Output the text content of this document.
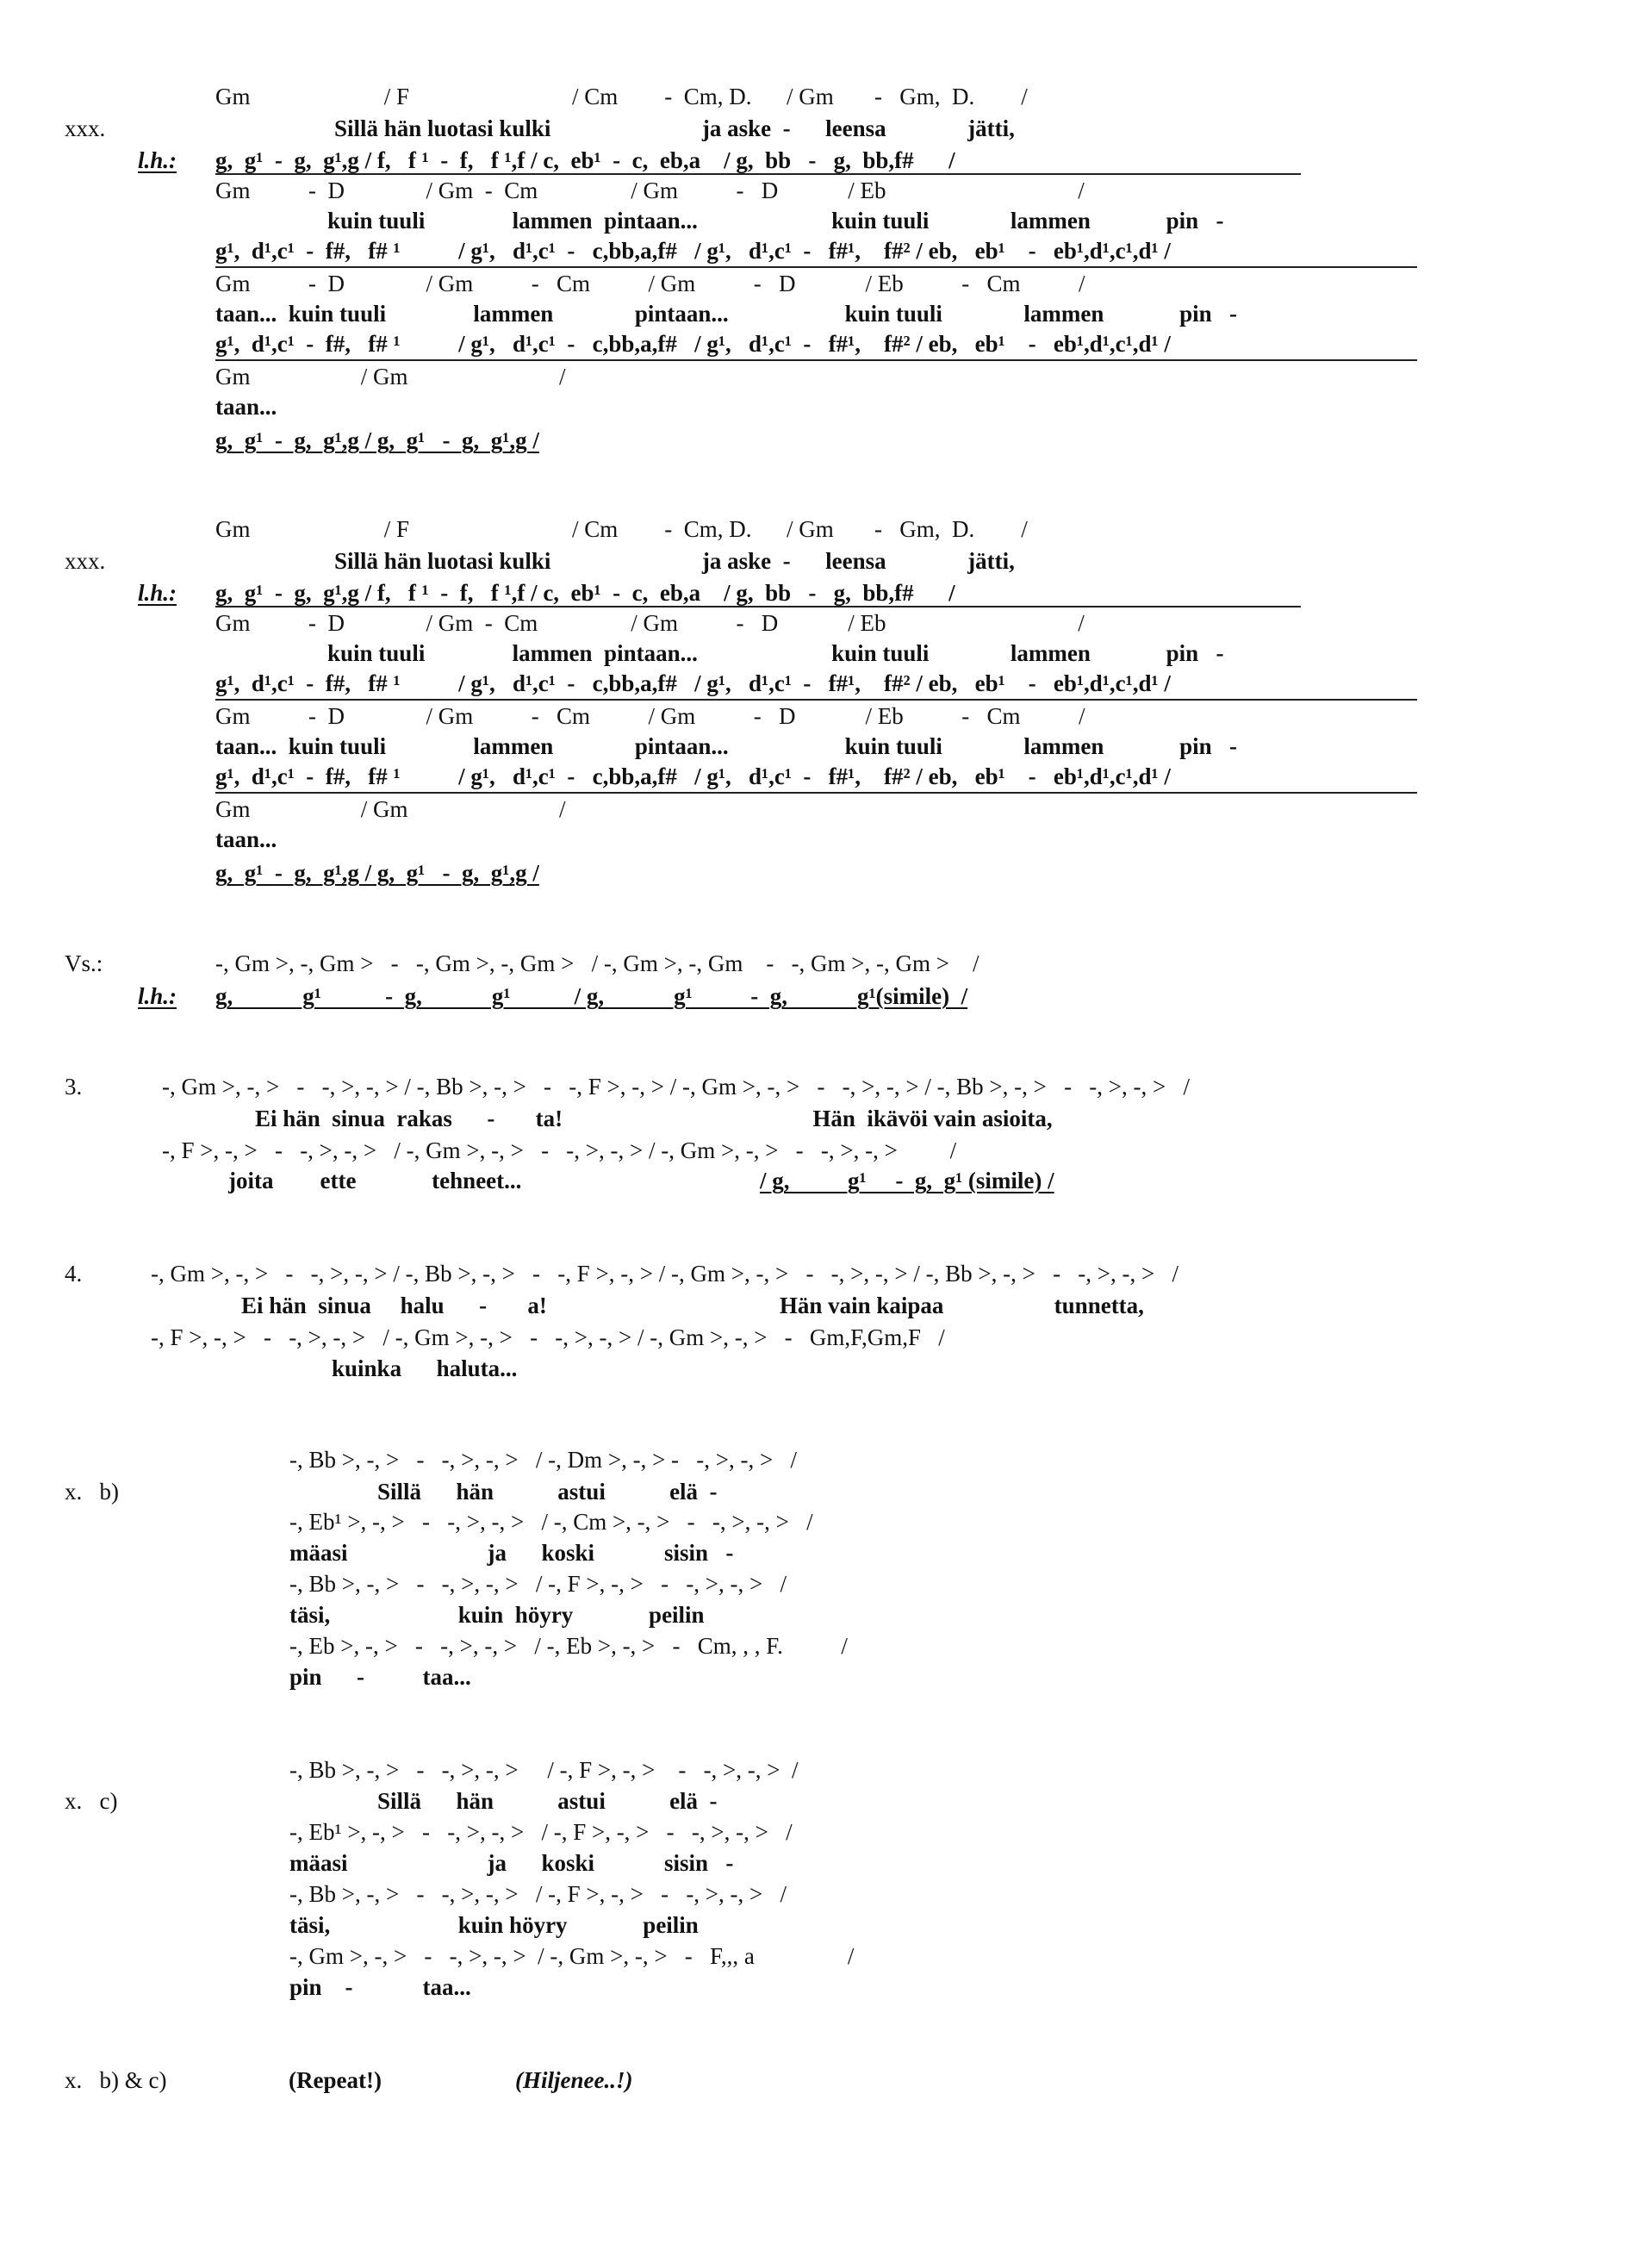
Gm                       / F                            / Cm        -  Cm, D.      / Gm       -   Gm,  D.        /
xxx.	Sillä hän luotasi kulki                          ja aske  -      leensa              jätti,
l.h.: g,  g¹  -  g,  g¹,g / f,   f ¹  -  f,   f ¹,f / c,  eb¹  -  c,  eb,a    / g,  bb   -   g,  bb,f#      /
Gm          -  D              / Gm  -  Cm                / Gm          -   D            / Eb                                 /
kuin tuuli               lammen  pintaan...                       kuin tuuli              lammen             pin   -
g¹,  d¹,c¹  -  f#,   f# ¹          / g¹,   d¹,c¹  -   c,bb,a,f#   / g¹,   d¹,c¹  -   f#¹,    f#² / eb,   eb¹    -   eb¹,d¹,c¹,d¹ /
Gm          -  D              / Gm          -   Cm          / Gm          -   D            / Eb          -   Cm          /
taan...  kuin tuuli               lammen              pintaan...                    kuin tuuli              lammen             pin   -
g¹,  d¹,c¹  -  f#,   f# ¹          / g¹,   d¹,c¹  -   c,bb,a,f#   / g¹,   d¹,c¹  -   f#¹,    f#² / eb,   eb¹    -   eb¹,d¹,c¹,d¹ /
Gm                   / Gm                          /
taan...
g,  g¹  -  g,  g¹,g / g,  g¹   -  g,  g¹,g /
Gm                       / F                            / Cm        -  Cm, D.      / Gm       -   Gm,  D.        /
xxx.	Sillä hän luotasi kulki                          ja aske  -      leensa              jätti,
l.h.: g,  g¹  -  g,  g¹,g / f,   f ¹  -  f,   f ¹,f / c,  eb¹  -  c,  eb,a    / g,  bb   -   g,  bb,f#      /
Gm          -  D              / Gm  -  Cm                / Gm          -   D            / Eb                                 /
kuin tuuli               lammen  pintaan...                       kuin tuuli              lammen             pin   -
g¹,  d¹,c¹  -  f#,   f# ¹          / g¹,   d¹,c¹  -   c,bb,a,f#   / g¹,   d¹,c¹  -   f#¹,    f#² / eb,   eb¹    -   eb¹,d¹,c¹,d¹ /
Gm          -  D              / Gm          -   Cm          / Gm          -   D            / Eb          -   Cm          /
taan...  kuin tuuli               lammen              pintaan...                    kuin tuuli              lammen             pin   -
g¹,  d¹,c¹  -  f#,   f# ¹          / g¹,   d¹,c¹  -   c,bb,a,f#   / g¹,   d¹,c¹  -   f#¹,    f#² / eb,   eb¹    -   eb¹,d¹,c¹,d¹ /
Gm                   / Gm                          /
taan...
g,  g¹  -  g,  g¹,g / g,  g¹   -  g,  g¹,g /
Vs.:	-, Gm >, -, Gm >   -   -, Gm >, -, Gm >   / -, Gm >, -, Gm    -   -, Gm >, -, Gm >    /
l.h.: g,            g¹           -  g,            g¹           / g,            g¹          -  g,            g¹(simile)  /
3.	-, Gm >, -, >   -   -, >, -, > / -, Bb >, -, >   -   -, F >, -, > / -, Gm >, -, >   -   -, >, -, > / -, Bb >, -, >   -   -, >, -, >   /
Ei hän  sinua  rakas      -       ta!                                           Hän  ikävöi vain asioita,
-, F >, -, >   -   -, >, -, >   / -, Gm >, -, >   -   -, >, -, > / -, Gm >, -, >   -   -, >, -, >         /
joita        ette             tehneet...	/ g,          g¹     -  g,  g¹ (simile) /
4.	-, Gm >, -, >   -   -, >, -, > / -, Bb >, -, >   -   -, F >, -, > / -, Gm >, -, >   -   -, >, -, > / -, Bb >, -, >   -   -, >, -, >   /
Ei hän  sinua     halu      -       a!                                        Hän vain kaipaa                   tunnetta,
-, F >, -, >   -   -, >, -, >   / -, Gm >, -, >   -   -, >, -, > / -, Gm >, -, >   -   Gm,F,Gm,F   /
kuinka      haluta...
-, Bb >, -, >   -   -, >, -, >   / -, Dm >, -, > -   -, >, -, >   /
x.   b)	Sillä      hän           astui           elä  -
-, Eb¹ >, -, >   -   -, >, -, >   / -, Cm >, -, >   -   -, >, -, >   /
mäasi                        ja      koski            sisin   -
-, Bb >, -, >   -   -, >, -, >   / -, F >, -, >   -   -, >, -, >   /
täsi,                      kuin  höyry             peilin
-, Eb >, -, >   -   -, >, -, >   / -, Eb >, -, >   -   Cm, , , F.          /
pin      -          taa...
-, Bb >, -, >   -   -, >, -, >     / -, F >, -, >    -   -, >, -, >  /
x.   c)	Sillä      hän           astui           elä  -
-, Eb¹ >, -, >   -   -, >, -, >   / -, F >, -, >   -   -, >, -, >   /
mäasi                        ja      koski            sisin   -
-, Bb >, -, >   -   -, >, -, >   / -, F >, -, >   -   -, >, -, >   /
täsi,                      kuin höyry             peilin
-, Gm >, -, >   -   -, >, -, >  / -, Gm >, -, >   -   F,,, a                /
pin    -            taa...
x.   b) & c)	(Repeat!)	(Hiljenee..!)
